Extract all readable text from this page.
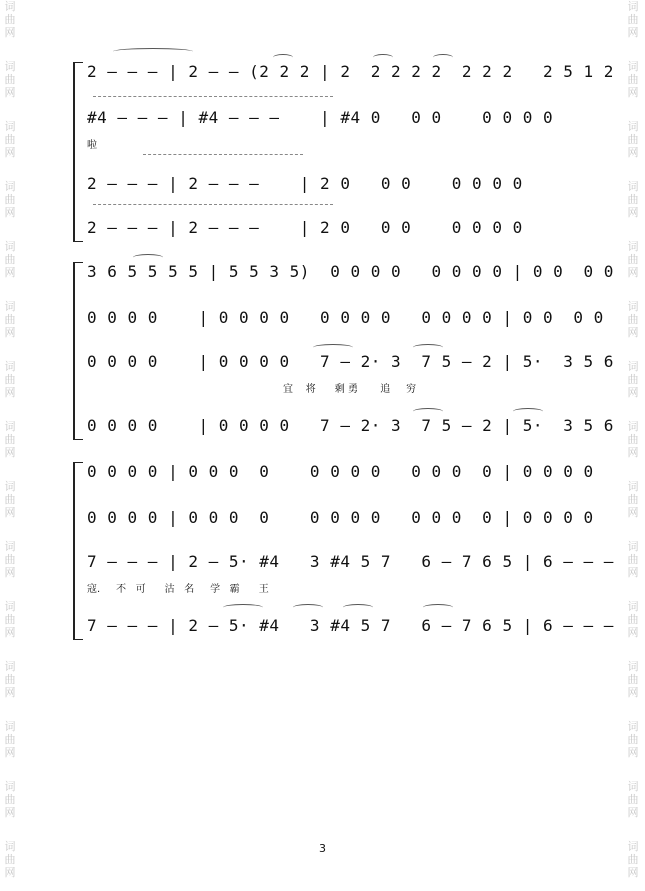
词
曲
网
词
曲
网
词
曲
网
词
曲
网
词
曲
网
词
曲
网
词
曲
网
词
曲
网
词
曲
网
词
曲
网
词
曲
网
词
曲
网
词
曲
网
词
曲
网
词
曲
网
词
曲
网
词
曲
网
词
曲
网
词
曲
网
词
曲
网
词
曲
网
词
曲
网
词
曲
网
词
曲
网
词
曲
网
词
曲
网
词
曲
网
词
曲
网
词
曲
网
词
曲
网
2 — — — | 2 — — (2 2 2 | 2  2 2 2 2  2 2 2   2 5 1 2
#4 — — — | #4 — — —    | #4 0   0 0    0 0 0 0
啦
2 — — — | 2 — — —    | 2 0   0 0    0 0 0 0
2 — — — | 2 — — —    | 2 0   0 0    0 0 0 0
3 6 5 5 5 5 | 5 5 3 5)  0 0 0 0   0 0 0 0 | 0 0  0 0
0 0 0 0    | 0 0 0 0   0 0 0 0   0 0 0 0 | 0 0  0 0
0 0 0 0    | 0 0 0 0   7 — 2· 3  7 5 — 2 | 5·  3 5 6
宜    将      剩 勇       追     穷
0 0 0 0    | 0 0 0 0   7 — 2· 3  7 5 — 2 | 5·  3 5 6
0 0 0 0 | 0 0 0  0    0 0 0 0   0 0 0  0 | 0 0 0 0
0 0 0 0 | 0 0 0  0    0 0 0 0   0 0 0  0 | 0 0 0 0
7 — — — | 2 — 5· #4   3 #4 5 7   6 — 7 6 5 | 6 — — —
寇.     不   可      沽   名     学   霸      王
7 — — — | 2 — 5· #4   3 #4 5 7   6 — 7 6 5 | 6 — — —
3
